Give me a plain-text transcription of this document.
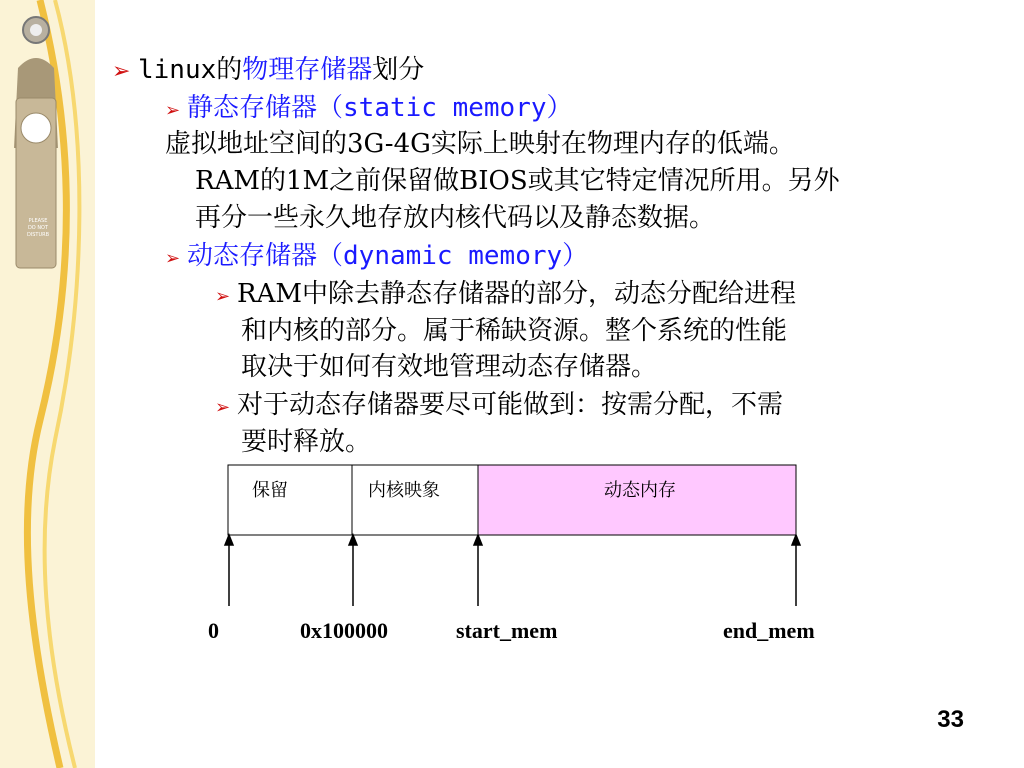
PLEASE
DO NOT
DISTURB
➢ linux的物理存储器划分
➢ 静态存储器（static memory）
虚拟地址空间的3G-4G实际上映射在物理内存的低端。
RAM的1M之前保留做BIOS或其它特定情况所用。另外
再分一些永久地存放内核代码以及静态数据。
➢ 动态存储器（dynamic memory）
➢ RAM中除去静态存储器的部分，动态分配给进程
和内核的部分。属于稀缺资源。整个系统的性能
取决于如何有效地管理动态存储器。
➢ 对于动态存储器要尽可能做到：按需分配，不需
要时释放。
保留	内核映象	动态内存
0	0x100000	start_mem	end_mem
33
